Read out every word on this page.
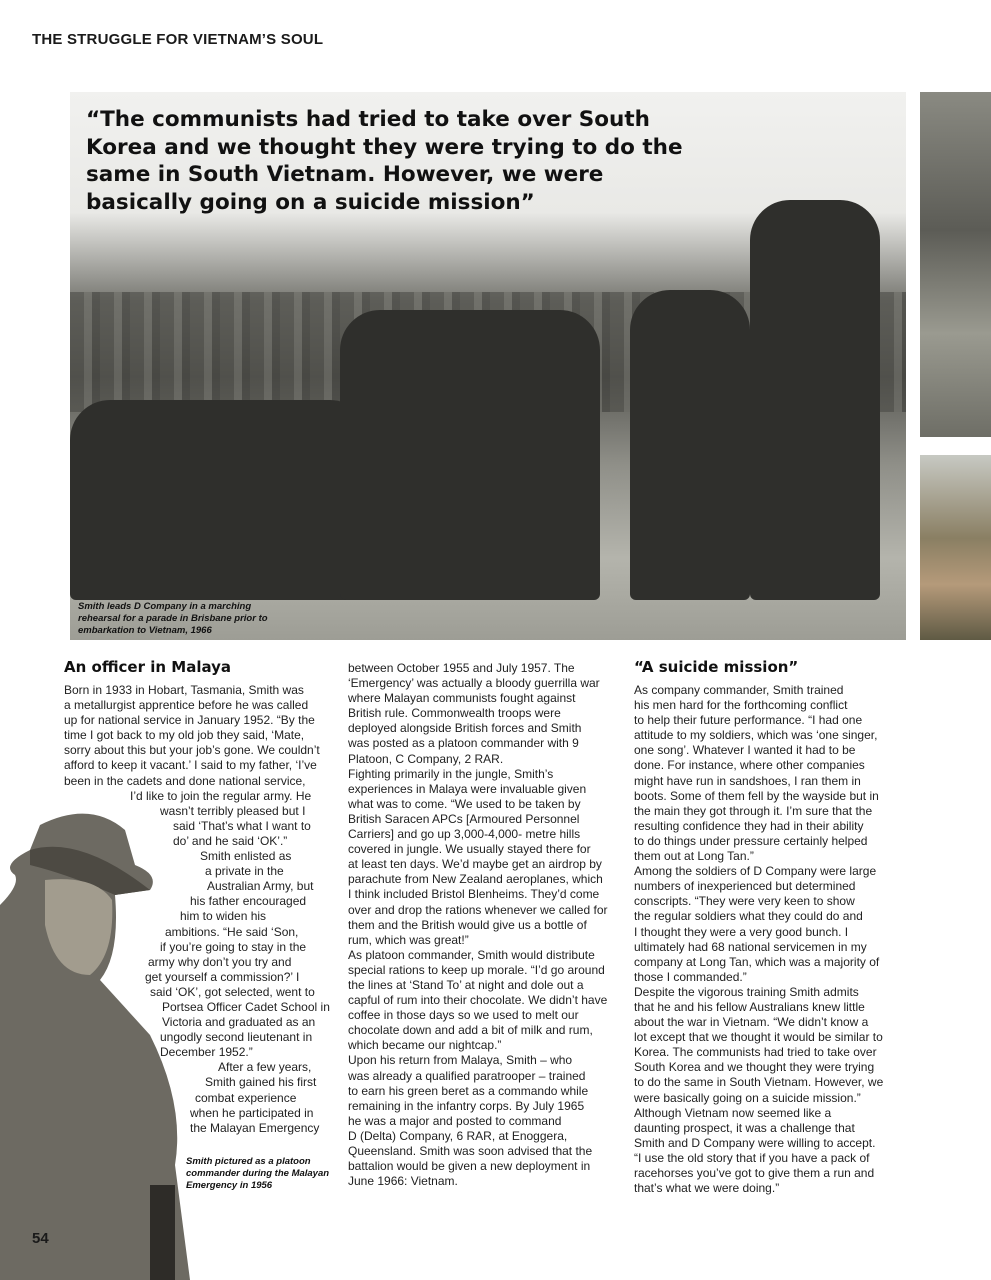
THE STRUGGLE FOR VIETNAM’S SOUL
“The communists had tried to take over South Korea and we thought they were trying to do the same in South Vietnam. However, we were basically going on a suicide mission”
Smith leads D Company in a marching
rehearsal for a parade in Brisbane prior to
embarkation to Vietnam, 1966
Smith pictured as a platoon
commander during the Malayan
Emergency in 1956
An officer in Malaya
Born in 1933 in Hobart, Tasmania, Smith was
a metallurgist apprentice before he was called
up for national service in January 1952. “By the
time I got back to my old job they said, ‘Mate,
sorry about this but your job’s gone. We couldn’t
afford to keep it vacant.’ I said to my father, ‘I’ve
been in the cadets and done national service,
I’d like to join the regular army. He
wasn’t terribly pleased but I
said ‘That’s what I want to
do’ and he said ‘OK’.”
Smith enlisted as
a private in the
Australian Army, but
his father encouraged
him to widen his
ambitions. “He said ‘Son,
if you’re going to stay in the
army why don’t you try and
get yourself a commission?’ I
said ‘OK’, got selected, went to
Portsea Officer Cadet School in
Victoria and graduated as an
ungodly second lieutenant in
December 1952.”
After a few years,
Smith gained his first
combat experience
when he participated in
the Malayan Emergency
between October 1955 and July 1957. The
‘Emergency’ was actually a bloody guerrilla war
where Malayan communists fought against
British rule. Commonwealth troops were
deployed alongside British forces and Smith
was posted as a platoon commander with 9
Platoon, C Company, 2 RAR.
Fighting primarily in the jungle, Smith’s
experiences in Malaya were invaluable given
what was to come. “We used to be taken by
British Saracen APCs [Armoured Personnel
Carriers] and go up 3,000-4,000- metre hills
covered in jungle. We usually stayed there for
at least ten days. We’d maybe get an airdrop by
parachute from New Zealand aeroplanes, which
I think included Bristol Blenheims. They’d come
over and drop the rations whenever we called for
them and the British would give us a bottle of
rum, which was great!”
As platoon commander, Smith would distribute
special rations to keep up morale. “I’d go around
the lines at ‘Stand To’ at night and dole out a
capful of rum into their chocolate. We didn’t have
coffee in those days so we used to melt our
chocolate down and add a bit of milk and rum,
which became our nightcap.”
Upon his return from Malaya, Smith – who
was already a qualified paratrooper – trained
to earn his green beret as a commando while
remaining in the infantry corps. By July 1965
he was a major and posted to command
D (Delta) Company, 6 RAR, at Enoggera,
Queensland. Smith was soon advised that the
battalion would be given a new deployment in
June 1966: Vietnam.
“A suicide mission”
As company commander, Smith trained
his men hard for the forthcoming conflict
to help their future performance. “I had one
attitude to my soldiers, which was ‘one singer,
one song’. Whatever I wanted it had to be
done. For instance, where other companies
might have run in sandshoes, I ran them in
boots. Some of them fell by the wayside but in
the main they got through it. I’m sure that the
resulting confidence they had in their ability
to do things under pressure certainly helped
them out at Long Tan.”
Among the soldiers of D Company were large
numbers of inexperienced but determined
conscripts. “They were very keen to show
the regular soldiers what they could do and
I thought they were a very good bunch. I
ultimately had 68 national servicemen in my
company at Long Tan, which was a majority of
those I commanded.”
Despite the vigorous training Smith admits
that he and his fellow Australians knew little
about the war in Vietnam. “We didn’t know a
lot except that we thought it would be similar to
Korea. The communists had tried to take over
South Korea and we thought they were trying
to do the same in South Vietnam. However, we
were basically going on a suicide mission.”
Although Vietnam now seemed like a
daunting prospect, it was a challenge that
Smith and D Company were willing to accept.
“I use the old story that if you have a pack of
racehorses you’ve got to give them a run and
that’s what we were doing.”
54
